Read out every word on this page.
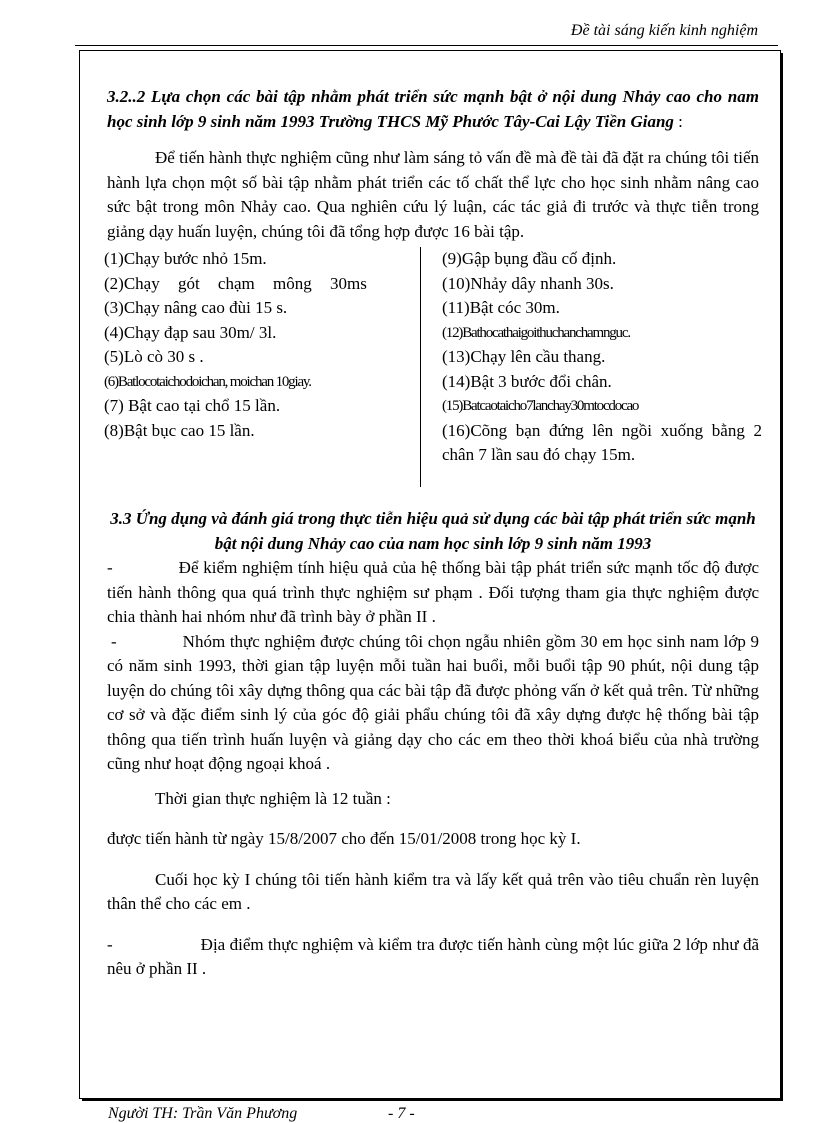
Đề tài sáng kiến kinh nghiệm
3.2..2 Lựa chọn các bài tập nhằm phát triển sức mạnh bật ở nội dung Nhảy cao cho nam học sinh lớp 9 sinh năm 1993 Trường THCS Mỹ Phước Tây-Cai Lậy Tiền Giang :

Để tiến hành thực nghiệm cũng như làm sáng tỏ vấn đề mà đề tài đã đặt ra chúng tôi tiến hành lựa chọn một số bài tập nhằm phát triển các tố chất thể lực cho học sinh nhằm nâng cao sức bật trong môn Nhảy cao. Qua nghiên cứu lý luận, các tác giả đi trước và thực tiễn trong giảng dạy huấn luyện, chúng tôi đã tổng hợp được 16 bài tập.

(1)Chạy bước nhỏ 15m.
(2)Chạy gót chạm mông 30ms
(3)Chạy nâng cao đùi 15 s.
(4)Chạy đạp sau 30m/ 3l.
(5)Lò cò 30 s .
(6)Batlocotaichodoichan, moichan 10giay.
(7) Bật cao tại chổ 15 lần.
(8)Bật bục cao 15 lần.
(9)Gập bụng đầu cố định.
(10)Nhảy dây nhanh 30s.
(11)Bật cóc 30m.
(12)Bathocathaigoithuchanchamnguc.
(13)Chạy lên cầu thang.
(14)Bật 3 bước đổi chân.
(15)Batcaotaicho7lanchay30mtocdocao
(16)Cõng bạn đứng lên ngồi xuống bằng 2 chân 7 lần sau đó chạy 15m.
3.3 Ứng dụng và đánh giá trong thực tiễn hiệu quả sử dụng các bài tập phát triển sức mạnh bật nội dung Nhảy cao của nam học sinh lớp 9 sinh năm 1993

-	Để kiểm nghiệm tính hiệu quả của hệ thống bài tập phát triển sức mạnh tốc độ được tiến hành thông qua quá trình thực nghiệm sư phạm . Đối tượng tham gia thực nghiệm được chia thành hai nhóm như đã trình bày ở phần II .

-	Nhóm thực nghiệm được chúng tôi chọn ngẫu nhiên gồm 30 em học sinh nam lớp 9 có năm sinh 1993, thời gian tập luyện mỗi tuần hai buổi, mỗi buổi tập 90 phút, nội dung tập luyện do chúng tôi xây dựng thông qua các bài tập đã được phỏng vấn ở kết quả trên. Từ những cơ sở và đặc điểm sinh lý của góc độ giải phẩu chúng tôi đã xây dựng được hệ thống bài tập thông qua tiến trình huấn luyện và giảng dạy cho các em theo thời khoá biểu của nhà trường cũng như hoạt động ngoại khoá .

Thời gian thực nghiệm là 12 tuần :

được tiến hành từ ngày 15/8/2007 cho đến 15/01/2008 trong học kỳ I.

Cuối học kỳ I chúng tôi tiến hành kiểm tra và lấy kết quả trên vào tiêu chuẩn rèn luyện thân thể cho các em .

-	Địa điểm thực nghiệm và kiểm tra được tiến hành cùng một lúc giữa 2 lớp như đã nêu ở phần II .

Người TH: Trần Văn Phương	- 7 -
